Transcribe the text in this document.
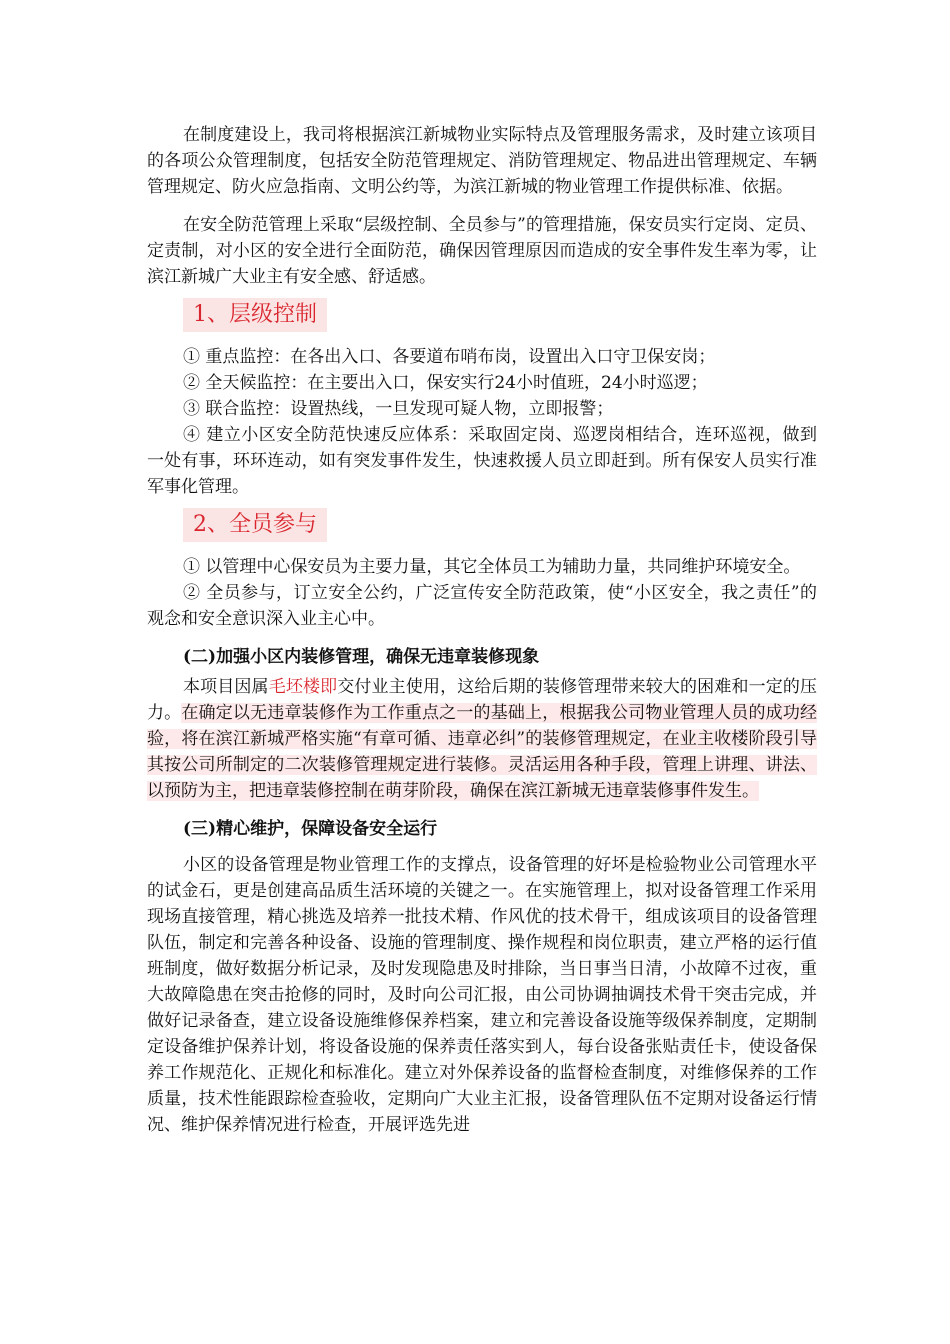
在制度建设上，我司将根据滨江新城物业实际特点及管理服务需求，及时建立该项目的各项公众管理制度，包括安全防范管理规定、消防管理规定、物品进出管理规定、车辆管理规定、防火应急指南、文明公约等，为滨江新城的物业管理工作提供标准、依据。

在安全防范管理上采取“层级控制、全员参与”的管理措施，保安员实行定岗、定员、定责制，对小区的安全进行全面防范，确保因管理原因而造成的安全事件发生率为零，让滨江新城广大业主有安全感、舒适感。

1、层级控制

① 重点监控：在各出入口、各要道布哨布岗，设置出入口守卫保安岗；

② 全天候监控：在主要出入口，保安实行24小时值班，24小时巡逻；

③ 联合监控：设置热线，一旦发现可疑人物，立即报警；

④ 建立小区安全防范快速反应体系：采取固定岗、巡逻岗相结合，连环巡视，做到一处有事，环环连动，如有突发事件发生，快速救援人员立即赶到。所有保安人员实行准军事化管理。

2、全员参与

① 以管理中心保安员为主要力量，其它全体员工为辅助力量，共同维护环境安全。

② 全员参与，订立安全公约，广泛宣传安全防范政策，使“小区安全，我之责任”的观念和安全意识深入业主心中。

(二)加强小区内装修管理，确保无违章装修现象

本项目因属毛坯楼即交付业主使用，这给后期的装修管理带来较大的困难和一定的压力。在确定以无违章装修作为工作重点之一的基础上，根据我公司物业管理人员的成功经验，将在滨江新城严格实施“有章可循、违章必纠”的装修管理规定，在业主收楼阶段引导其按公司所制定的二次装修管理规定进行装修。灵活运用各种手段，管理上讲理、讲法、以预防为主，把违章装修控制在萌芽阶段，确保在滨江新城无违章装修事件发生。

(三)精心维护，保障设备安全运行

小区的设备管理是物业管理工作的支撑点，设备管理的好坏是检验物业公司管理水平的试金石，更是创建高品质生活环境的关键之一。在实施管理上，拟对设备管理工作采用现场直接管理，精心挑选及培养一批技术精、作风优的技术骨干，组成该项目的设备管理队伍，制定和完善各种设备、设施的管理制度、操作规程和岗位职责，建立严格的运行值班制度，做好数据分析记录，及时发现隐患及时排除，当日事当日清，小故障不过夜，重大故障隐患在突击抢修的同时，及时向公司汇报，由公司协调抽调技术骨干突击完成，并做好记录备查，建立设备设施维修保养档案，建立和完善设备设施等级保养制度，定期制定设备维护保养计划，将设备设施的保养责任落实到人，每台设备张贴责任卡，使设备保养工作规范化、正规化和标准化。建立对外保养设备的监督检查制度，对维修保养的工作质量，技术性能跟踪检查验收，定期向广大业主汇报，设备管理队伍不定期对设备运行情况、维护保养情况进行检查，开展评选先进
